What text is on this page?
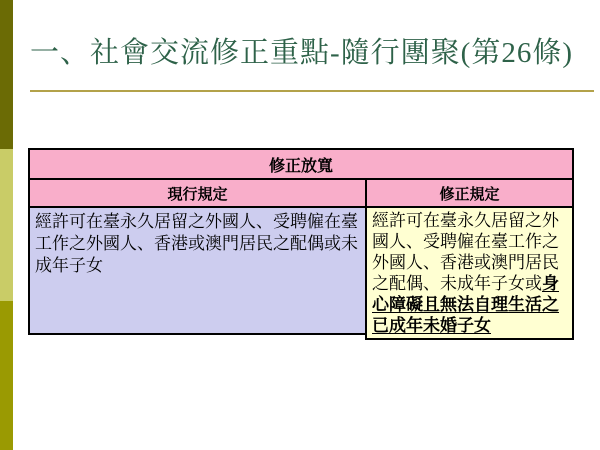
一、社會交流修正重點-隨行團聚(第26條)
修正放寬
現行規定	修正規定
經許可在臺永久居留之外國人、受聘僱在臺工作之外國人、香港或澳門居民之配偶或未成年子女
經許可在臺永久居留之外國人、受聘僱在臺工作之外國人、香港或澳門居民之配偶、未成年子女或身心障礙且無法自理生活之已成年未婚子女
